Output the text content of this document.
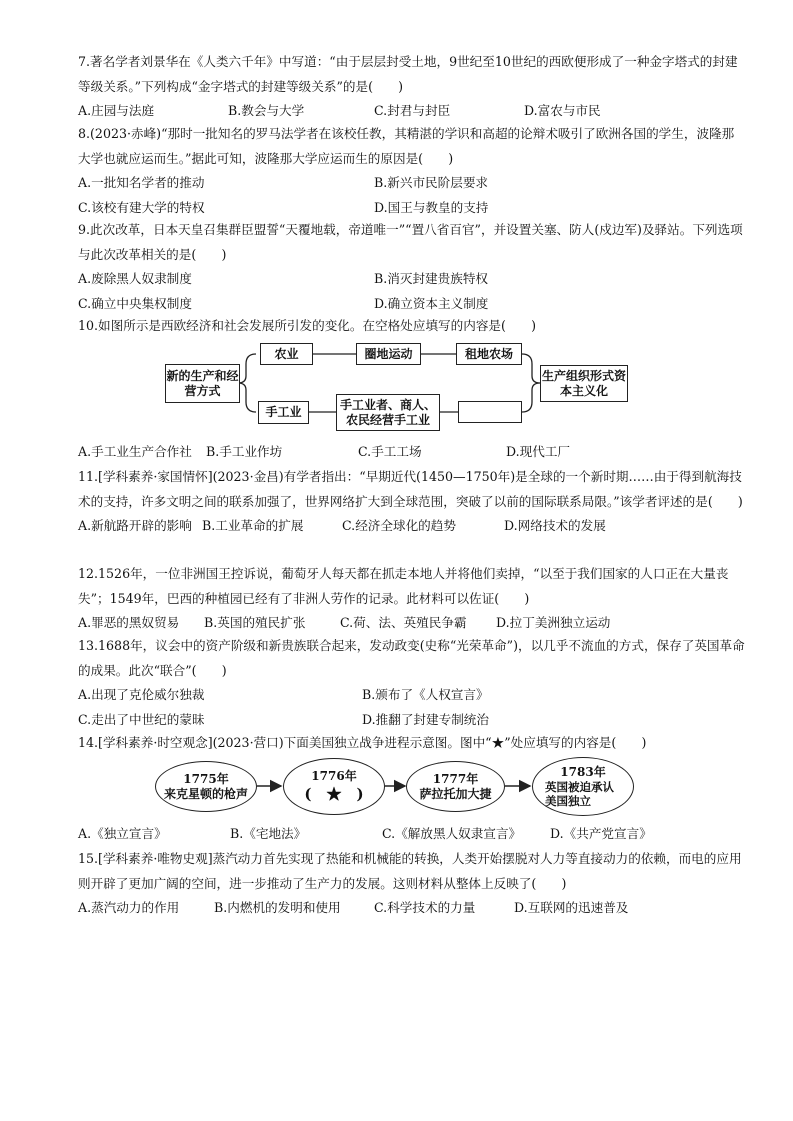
7.著名学者刘景华在《人类六千年》中写道：“由于层层封受土地，9世纪至10世纪的西欧便形成了一种金字塔式的封建等级关系。”下列构成“金字塔式的封建等级关系”的是(　　)
A.庄园与法庭	B.教会与大学	C.封君与封臣	D.富农与市民
8.(2023·赤峰)“那时一批知名的罗马法学者在该校任教，其精湛的学识和高超的论辩术吸引了欧洲各国的学生，波隆那大学也就应运而生。”据此可知，波隆那大学应运而生的原因是(　　)
A.一批知名学者的推动	B.新兴市民阶层要求
C.该校有建大学的特权	D.国王与教皇的支持
9.此次改革，日本天皇召集群臣盟誓“天覆地载，帝道唯一”“置八省百官”，并设置关塞、防人(戍边军)及驿站。下列选项与此次改革相关的是(　　)
A.废除黑人奴隶制度	B.消灭封建贵族特权
C.确立中央集权制度	D.确立资本主义制度
10.如图所示是西欧经济和社会发展所引发的变化。在空格处应填写的内容是(　　)
新的生产和经营方式
农业	圈地运动	租地农场
手工业
手工业者、商人、农民经营手工业
生产组织形式资本主义化
A.手工业生产合作社 B.手工业作坊	C.手工工场	D.现代工厂
11.[学科素养·家国情怀](2023·金昌)有学者指出：“早期近代(1450—1750年)是全球的一个新时期……由于得到航海技术的支持，许多文明之间的联系加强了，世界网络扩大到全球范围，突破了以前的国际联系局限。”该学者评述的是(　　)
A.新航路开辟的影响 B.工业革命的扩展	C.经济全球化的趋势	D.网络技术的发展
12.1526年，一位非洲国王控诉说，葡萄牙人每天都在抓走本地人并将他们卖掉，“以至于我们国家的人口正在大量丧失”；1549年，巴西的种植园已经有了非洲人劳作的记录。此材料可以佐证(　　)
A.罪恶的黑奴贸易 B.英国的殖民扩张	C.荷、法、英殖民争霸 D.拉丁美洲独立运动
13.1688年，议会中的资产阶级和新贵族联合起来，发动政变(史称“光荣革命”)，以几乎不流血的方式，保存了英国革命的成果。此次“联合”(　　)
A.出现了克伦威尔独裁	B.颁布了《人权宣言》
C.走出了中世纪的蒙昧	D.推翻了封建专制统治
14.[学科素养·时空观念](2023·营口)下面美国独立战争进程示意图。图中“★”处应填写的内容是(　　)
1775年
来克星顿的枪声
1776年
(　★　)
1777年
萨拉托加大捷
1783年
英国被迫承认美国独立
A.《独立宣言》	B.《宅地法》	C.《解放黑人奴隶宣言》 D.《共产党宣言》
15.[学科素养·唯物史观]蒸汽动力首先实现了热能和机械能的转换，人类开始摆脱对人力等直接动力的依赖，而电的应用则开辟了更加广阔的空间，进一步推动了生产力的发展。这则材料从整体上反映了(　　)
A.蒸汽动力的作用	B.内燃机的发明和使用	C.科学技术的力量	D.互联网的迅速普及
